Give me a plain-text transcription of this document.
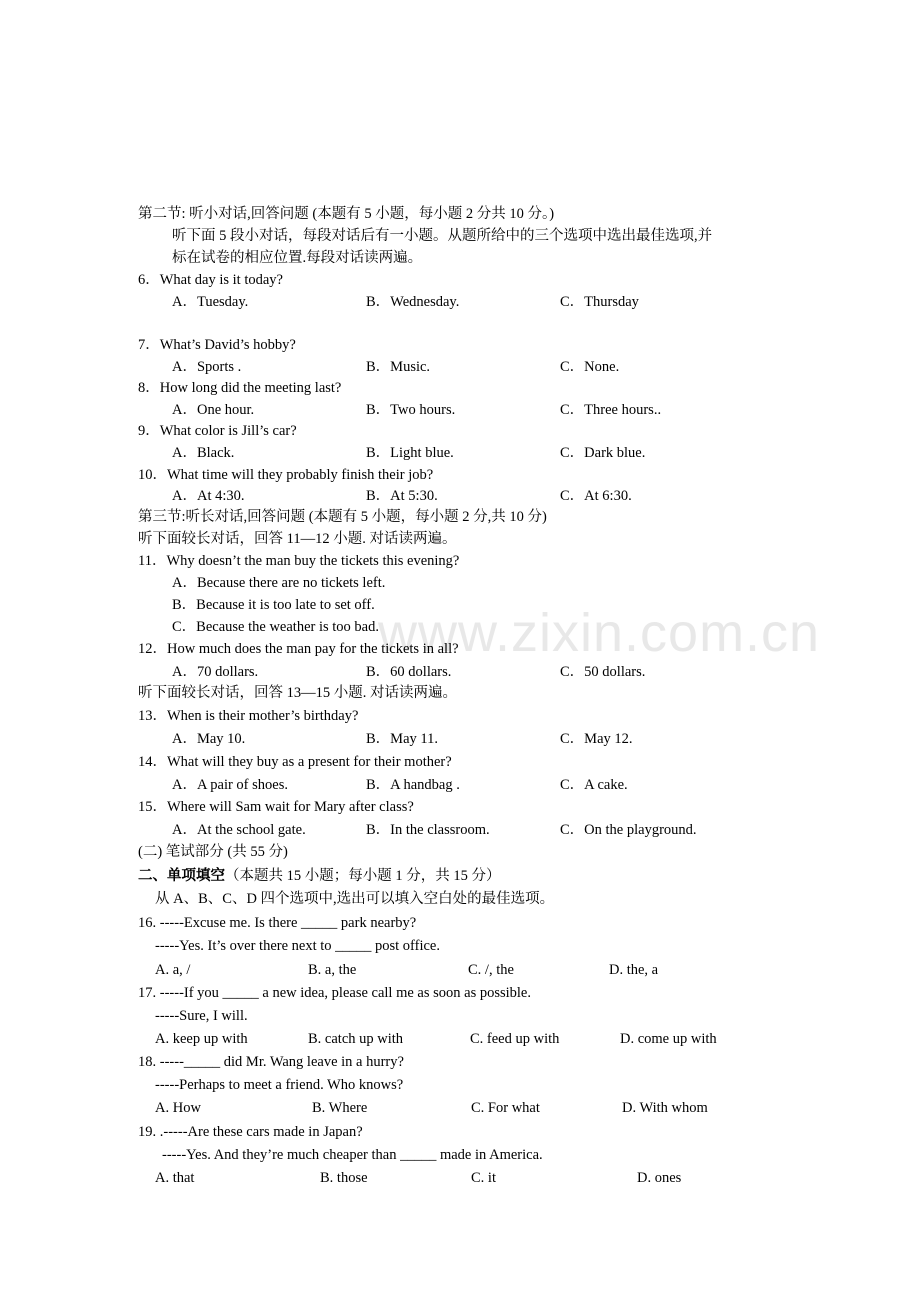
www.zixin.com.cn
第二节: 听小对话,回答问题 (本题有 5 小题，每小题 2 分共 10 分。)
听下面 5 段小对话，每段对话后有一小题。从题所给中的三个选项中选出最佳选项,并
标在试卷的相应位置.每段对话读两遍。
6．What day is it today?
A．Tuesday.	B．Wednesday.	C．Thursday
7．What’s David’s hobby?
A．Sports .	B．Music.	C．None.
8．How long did the meeting last?
A．One hour.	B．Two hours.	C．Three hours..
9．What color is Jill’s car?
A．Black.	B．Light blue.	C．Dark blue.
10．What time will they probably finish their job?
A．At 4:30.	B．At 5:30.	C．At 6:30.
第三节:听长对话,回答问题 (本题有 5 小题，每小题 2 分,共 10 分)
听下面较长对话，回答 11—12 小题. 对话读两遍。
11．Why doesn’t the man buy the tickets this evening?
A．Because there are no tickets left.
B．Because it is too late to set off.
C．Because the weather is too bad.
12．How much does the man pay for the tickets in all?
A．70 dollars.	B．60 dollars.	C．50 dollars.
听下面较长对话，回答 13—15 小题. 对话读两遍。
13．When is their mother’s birthday?
A．May 10.	B．May 11.	C．May 12.
14．What will they buy as a present for their mother?
A．A pair of shoes.	B．A handbag .	C．A cake.
15．Where will Sam wait for Mary after class?
A．At the school gate.	B．In the classroom.	C．On the playground.
(二) 笔试部分 (共 55 分)
二、单项填空（本题共 15 小题；每小题 1 分，共 15 分）
从 A、B、C、D 四个选项中,选出可以填入空白处的最佳选项。
16. -----Excuse me. Is there _____ park nearby?
-----Yes. It’s over there next to _____ post office.
A. a, /	B. a, the	C. /, the	D. the, a
17. -----If you _____ a new idea, please call me as soon as possible.
-----Sure, I will.
A. keep up with	B. catch up with	C. feed up with	D. come up with
18. -----_____ did Mr. Wang leave in a hurry?
-----Perhaps to meet a friend. Who knows?
A. How	B. Where	C. For what	D. With whom
19. .-----Are these cars made in Japan?
-----Yes. And they’re much cheaper than _____ made in America.
A. that	B. those	C. it	D. ones
